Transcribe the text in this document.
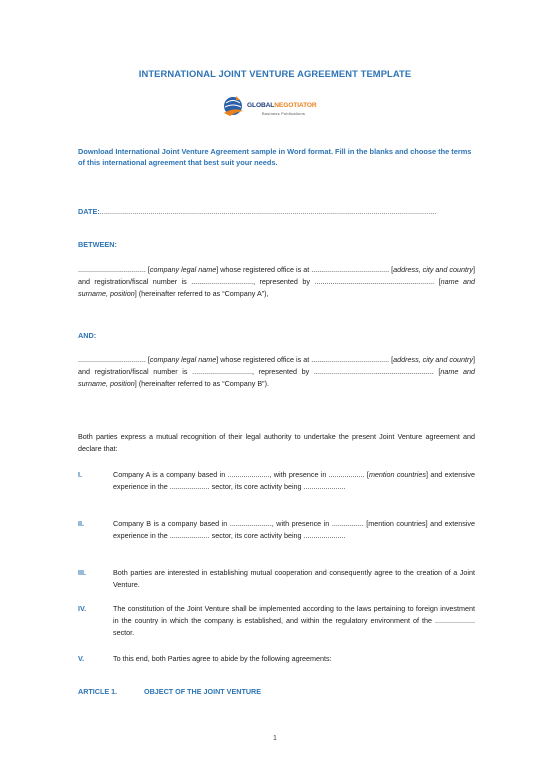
INTERNATIONAL JOINT VENTURE AGREEMENT TEMPLATE
GLOBALNEGOTIATOR
Business Publications
Download International Joint Venture Agreement sample in Word format. Fill in the blanks and choose the terms of this international agreement that best suit your needs.
DATE:......................................................................................................................................................................
BETWEEN:
.................................. [company legal name] whose registered office is at ....................................... [address, city and country] and registration/fiscal number is ..............................., represented by ............................................................ [name and surname, position] (hereinafter referred to as “Company A”),
AND:
.................................. [company legal name] whose registered office is at ....................................... [address, city and country] and registration/fiscal number is .............................., represented by ............................................................ [name and surname, position] (hereinafter referred to as “Company B”).
Both parties express a mutual recognition of their legal authority to undertake the present Joint Venture agreement and declare that:
I.	Company A is a company based in ....................., with presence in .................. [mention countries] and extensive experience in the .................... sector, its core activity being .....................
II.	Company B is a company based in ....................., with presence in ................ [mention countries] and extensive experience in the .................... sector, its core activity being .....................
III.	Both parties are interested in establishing mutual cooperation and consequently agree to the creation of a Joint Venture.
IV.	The constitution of the Joint Venture shall be implemented according to the laws pertaining to foreign investment in the country in which the company is established, and within the regulatory environment of the .................... sector.
V.	To this end, both Parties agree to abide by the following agreements:
ARTICLE 1.	OBJECT OF THE JOINT VENTURE
1
